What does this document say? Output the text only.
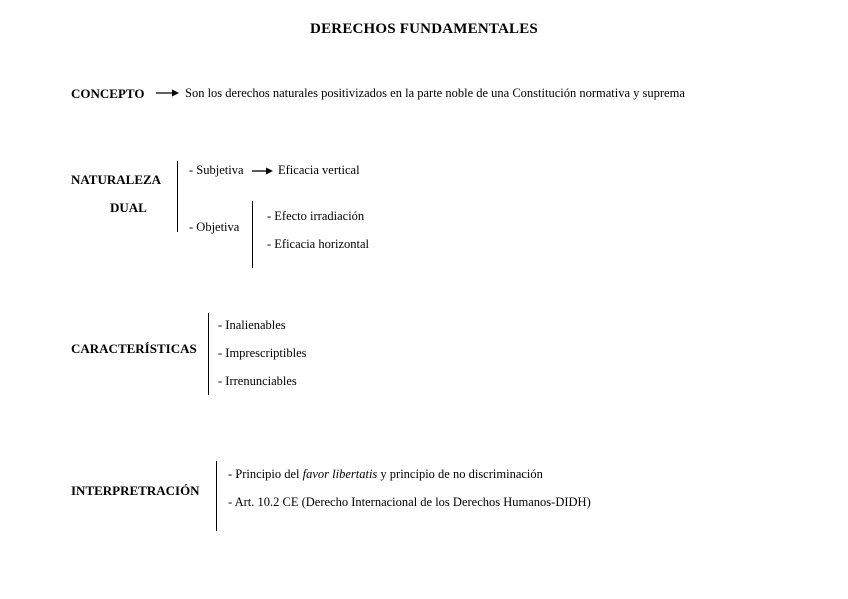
DERECHOS FUNDAMENTALES
CONCEPTO	Son los derechos naturales positivizados en la parte noble de una Constitución normativa y suprema
NATURALEZA
DUAL
- Subjetiva	Eficacia vertical
- Objetiva
- Efecto irradiación
- Eficacia horizontal
CARACTERÍSTICAS
- Inalienables
- Imprescriptibles
- Irrenunciables
INTERPRETRACIÓN
- Principio del favor libertatis y principio de no discriminación
- Art. 10.2 CE (Derecho Internacional de los Derechos Humanos-DIDH)
